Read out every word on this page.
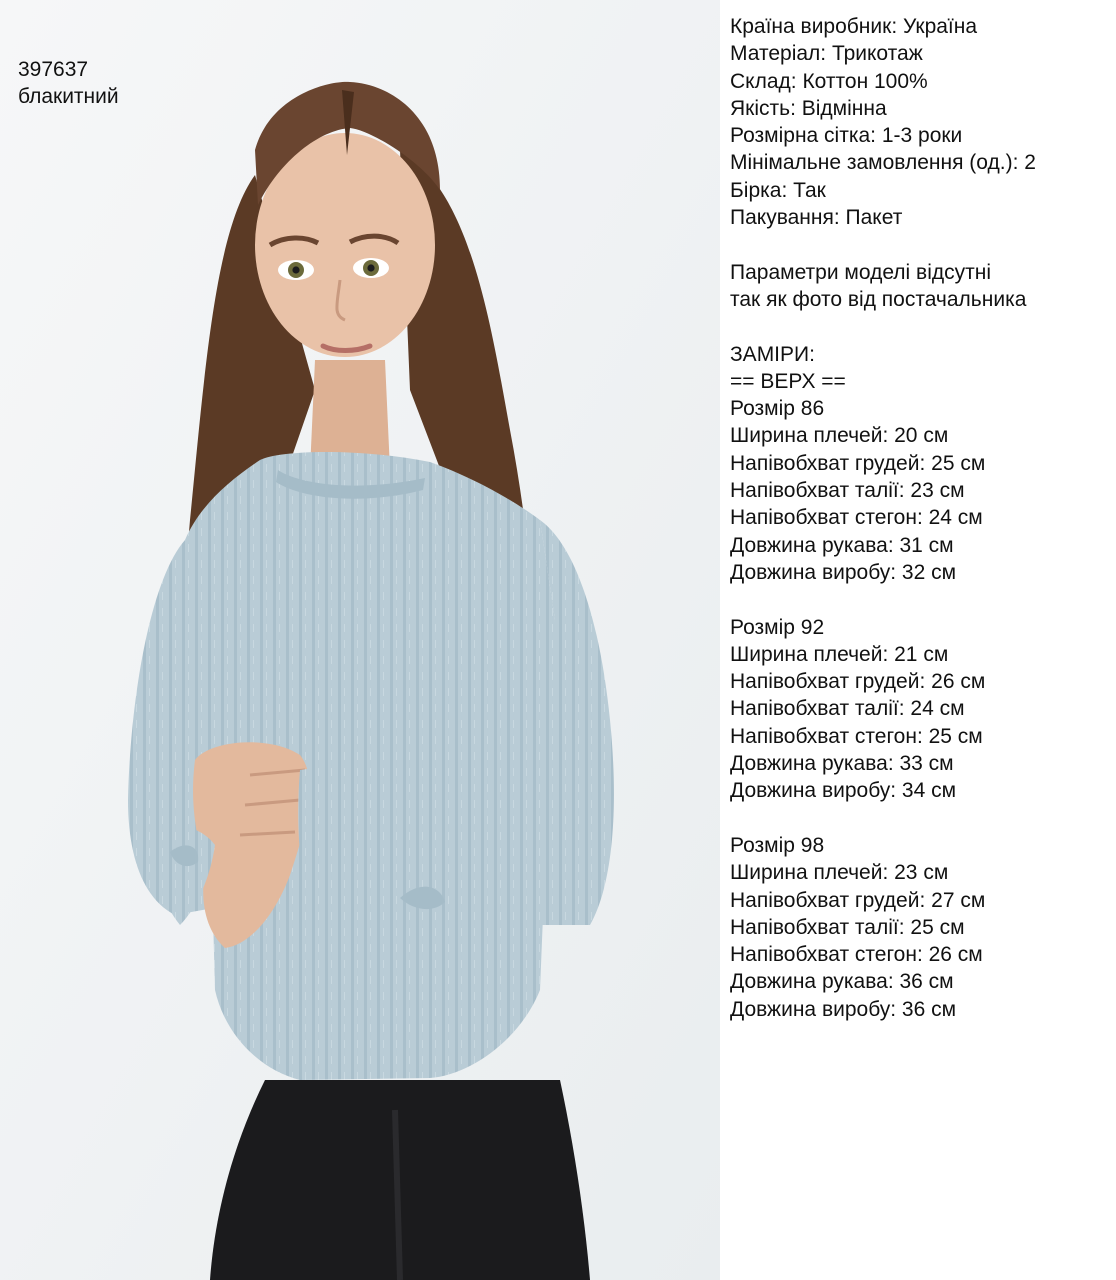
397637
блакитний
Країна виробник: Україна
Матеріал: Трикотаж
Склад: Коттон 100%
Якість: Відмінна
Розмірна сітка: 1-3 роки
Мінімальне замовлення (од.): 2
Бірка: Так
Пакування: Пакет
Параметри моделі відсутні
так як фото від постачальника
ЗАМІРИ:
== ВЕРХ ==
Розмір 86
Ширина плечей: 20 см
Напівобхват грудей: 25 см
Напівобхват талії: 23 см
Напівобхват стегон: 24 см
Довжина рукава: 31 см
Довжина виробу: 32 см
Розмір 92
Ширина плечей: 21 см
Напівобхват грудей: 26 см
Напівобхват талії: 24 см
Напівобхват стегон: 25 см
Довжина рукава: 33 см
Довжина виробу: 34 см
Розмір 98
Ширина плечей: 23 см
Напівобхват грудей: 27 см
Напівобхват талії: 25 см
Напівобхват стегон: 26 см
Довжина рукава: 36 см
Довжина виробу: 36 см
